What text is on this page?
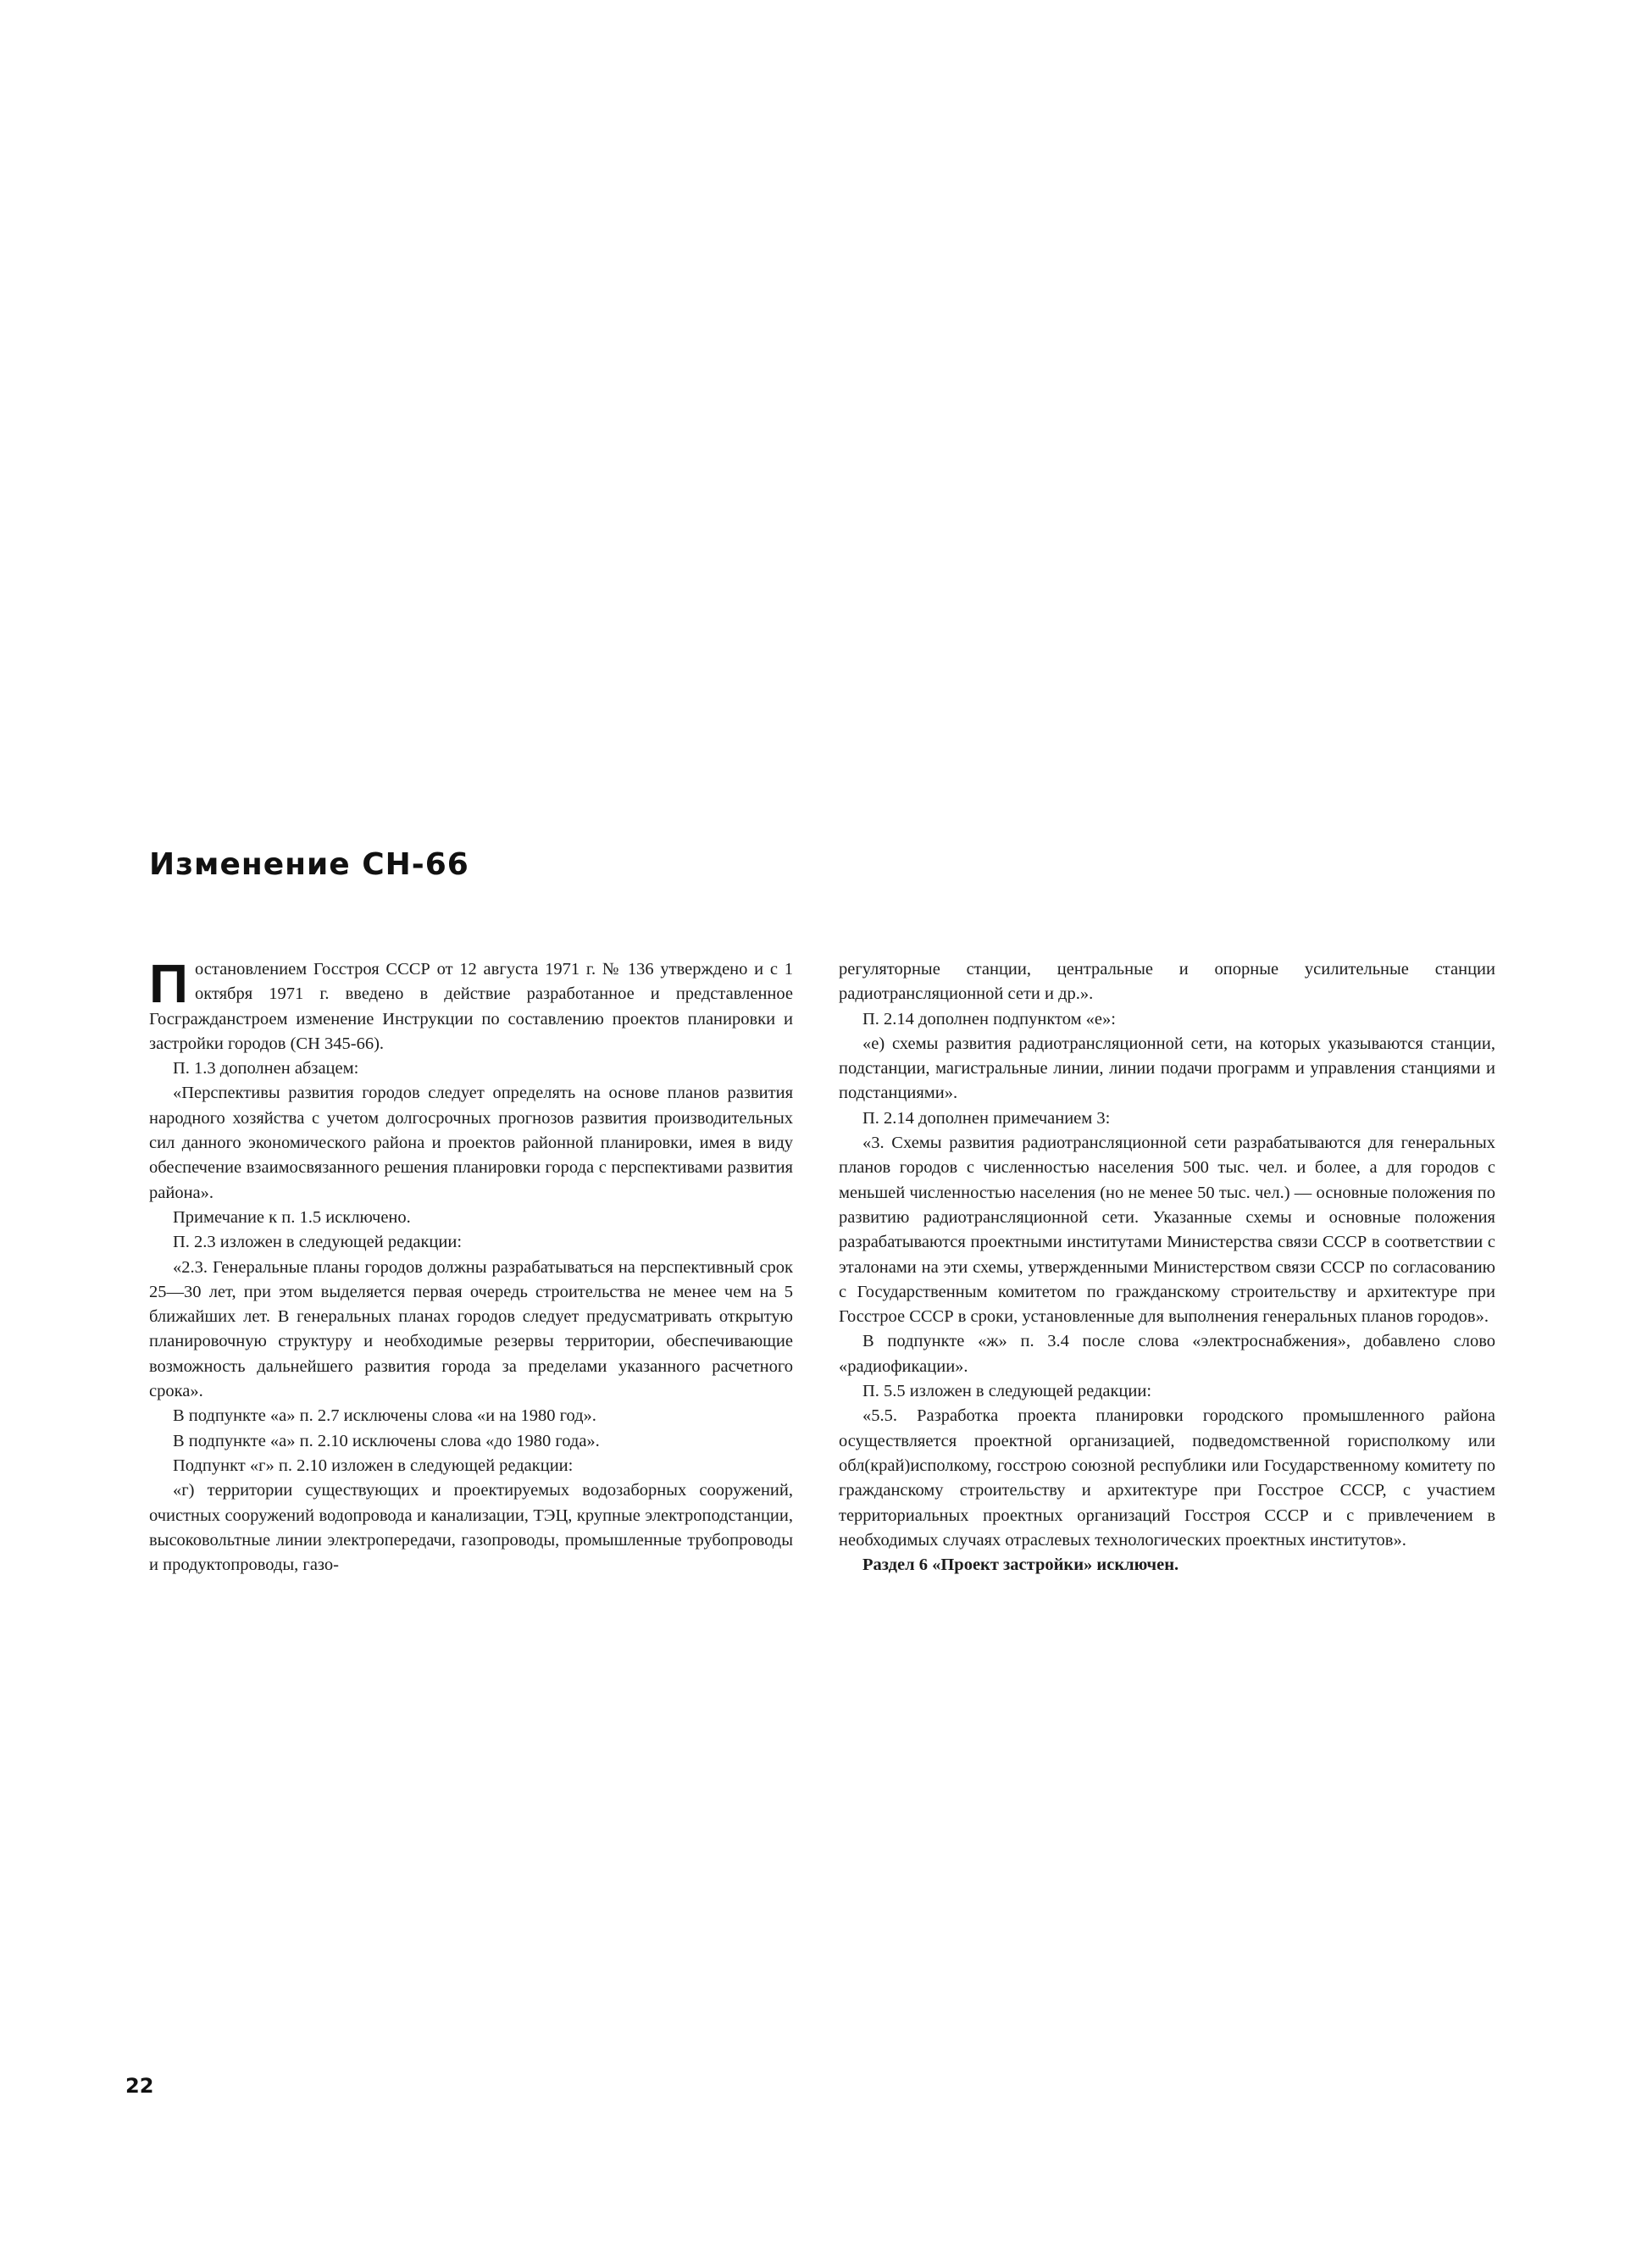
Изменение СН-66

Постановлением Госстроя СССР от 12 августа 1971 г. № 136 утверждено и с 1 октября 1971 г. введено в действие разработанное и представленное Госгражданстроем изменение Инструкции по составлению проектов планировки и застройки городов (СН 345-66).

П. 1.3 дополнен абзацем:

«Перспективы развития городов следует определять на основе планов развития народного хозяйства с учетом долгосрочных прогнозов развития производительных сил данного экономического района и проектов районной планировки, имея в виду обеспечение взаимосвязанного решения планировки города с перспективами развития района».

Примечание к п. 1.5 исключено.

П. 2.3 изложен в следующей редакции:

«2.3. Генеральные планы городов должны разрабатываться на перспективный срок 25—30 лет, при этом выделяется первая очередь строительства не менее чем на 5 ближайших лет. В генеральных планах городов следует предусматривать открытую планировочную структуру и необходимые резервы территории, обеспечивающие возможность дальнейшего развития города за пределами указанного расчетного срока».

В подпункте «а» п. 2.7 исключены слова «и на 1980 год».

В подпункте «а» п. 2.10 исключены слова «до 1980 года».

Подпункт «г» п. 2.10 изложен в следующей редакции:

«г) территории существующих и проектируемых водозаборных сооружений, очистных сооружений водопровода и канализации, ТЭЦ, крупные электроподстанции, высоковольтные линии электропередачи, газопроводы, промышленные трубопроводы и продуктопроводы, газо-

регуляторные станции, центральные и опорные усилительные станции радиотрансляционной сети и др.».

П. 2.14 дополнен подпунктом «е»:

«е) схемы развития радиотрансляционной сети, на которых указываются станции, подстанции, магистральные линии, линии подачи программ и управления станциями и подстанциями».

П. 2.14 дополнен примечанием 3:

«3. Схемы развития радиотрансляционной сети разрабатываются для генеральных планов городов с численностью населения 500 тыс. чел. и более, а для городов с меньшей численностью населения (но не менее 50 тыс. чел.) — основные положения по развитию радиотрансляционной сети. Указанные схемы и основные положения разрабатываются проектными институтами Министерства связи СССР в соответствии с эталонами на эти схемы, утвержденными Министерством связи СССР по согласованию с Государственным комитетом по гражданскому строительству и архитектуре при Госстрое СССР в сроки, установленные для выполнения генеральных планов городов».

В подпункте «ж» п. 3.4 после слова «электроснабжения», добавлено слово «радиофикации».

П. 5.5 изложен в следующей редакции:

«5.5. Разработка проекта планировки городского промышленного района осуществляется проектной организацией, подведомственной горисполкому или обл(край)исполкому, госстрою союзной республики или Государственному комитету по гражданскому строительству и архитектуре при Госстрое СССР, с участием территориальных проектных организаций Госстроя СССР и с привлечением в необходимых случаях отраслевых технологических проектных институтов».

Раздел 6 «Проект застройки» исключен.

22
